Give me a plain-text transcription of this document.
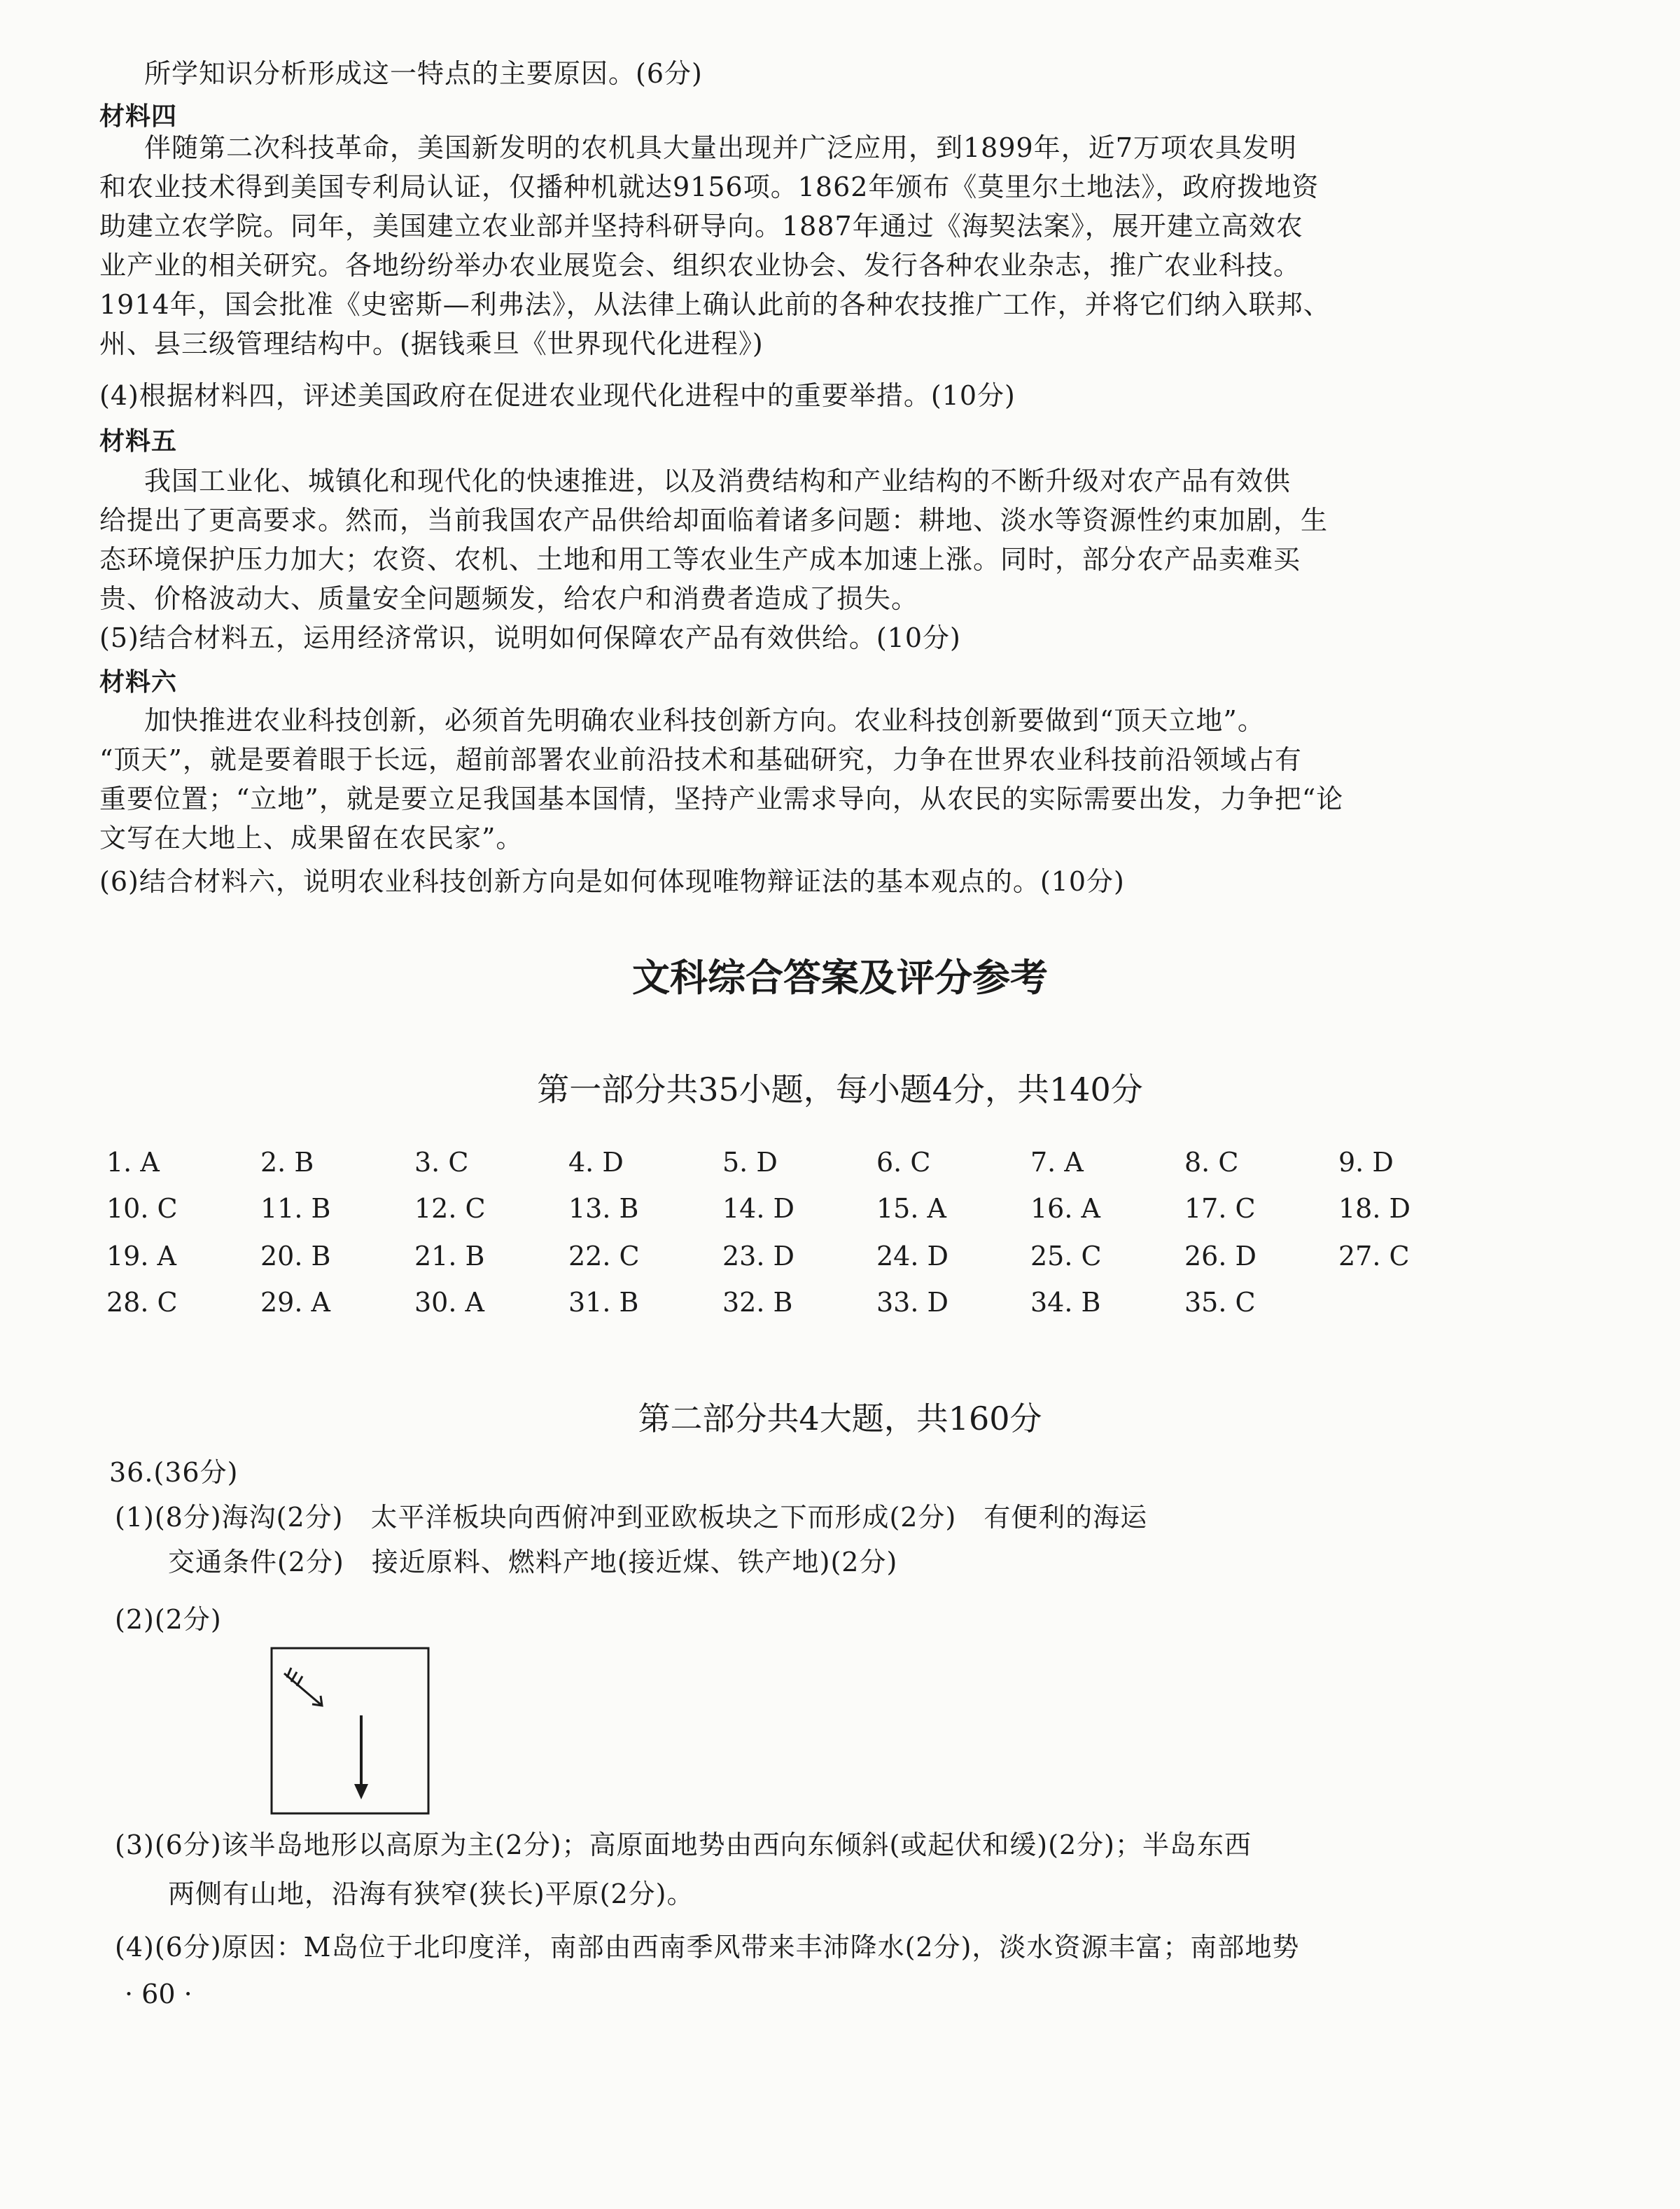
所学知识分析形成这一特点的主要原因。(6分)
材料四
伴随第二次科技革命，美国新发明的农机具大量出现并广泛应用，到1899年，近7万项农具发明
和农业技术得到美国专利局认证，仅播种机就达9156项。1862年颁布《莫里尔土地法》，政府拨地资
助建立农学院。同年，美国建立农业部并坚持科研导向。1887年通过《海契法案》，展开建立高效农
业产业的相关研究。各地纷纷举办农业展览会、组织农业协会、发行各种农业杂志，推广农业科技。
1914年，国会批准《史密斯—利弗法》，从法律上确认此前的各种农技推广工作，并将它们纳入联邦、
州、县三级管理结构中。(据钱乘旦《世界现代化进程》)
(4)根据材料四，评述美国政府在促进农业现代化进程中的重要举措。(10分)
材料五
我国工业化、城镇化和现代化的快速推进，以及消费结构和产业结构的不断升级对农产品有效供
给提出了更高要求。然而，当前我国农产品供给却面临着诸多问题：耕地、淡水等资源性约束加剧，生
态环境保护压力加大；农资、农机、土地和用工等农业生产成本加速上涨。同时，部分农产品卖难买
贵、价格波动大、质量安全问题频发，给农户和消费者造成了损失。
(5)结合材料五，运用经济常识，说明如何保障农产品有效供给。(10分)
材料六
加快推进农业科技创新，必须首先明确农业科技创新方向。农业科技创新要做到“顶天立地”。
“顶天”，就是要着眼于长远，超前部署农业前沿技术和基础研究，力争在世界农业科技前沿领域占有
重要位置；“立地”，就是要立足我国基本国情，坚持产业需求导向，从农民的实际需要出发，力争把“论
文写在大地上、成果留在农民家”。
(6)结合材料六，说明农业科技创新方向是如何体现唯物辩证法的基本观点的。(10分)
文科综合答案及评分参考
第一部分共35小题，每小题4分，共140分
1. A	2. B	3. C	4. D	5. D	6. C	7. A	8. C	9. D
10. C	11. B	12. C	13. B	14. D	15. A	16. A	17. C	18. D
19. A	20. B	21. B	22. C	23. D	24. D	25. C	26. D	27. C
28. C	29. A	30. A	31. B	32. B	33. D	34. B	35. C
第二部分共4大题，共160分
36.(36分)
(1)(8分)海沟(2分)　太平洋板块向西俯冲到亚欧板块之下而形成(2分)　有便利的海运
交通条件(2分)　接近原料、燃料产地(接近煤、铁产地)(2分)
(2)(2分)
(3)(6分)该半岛地形以高原为主(2分)；高原面地势由西向东倾斜(或起伏和缓)(2分)；半岛东西
两侧有山地，沿海有狭窄(狭长)平原(2分)。
(4)(6分)原因：M岛位于北印度洋，南部由西南季风带来丰沛降水(2分)，淡水资源丰富；南部地势
· 60 ·
